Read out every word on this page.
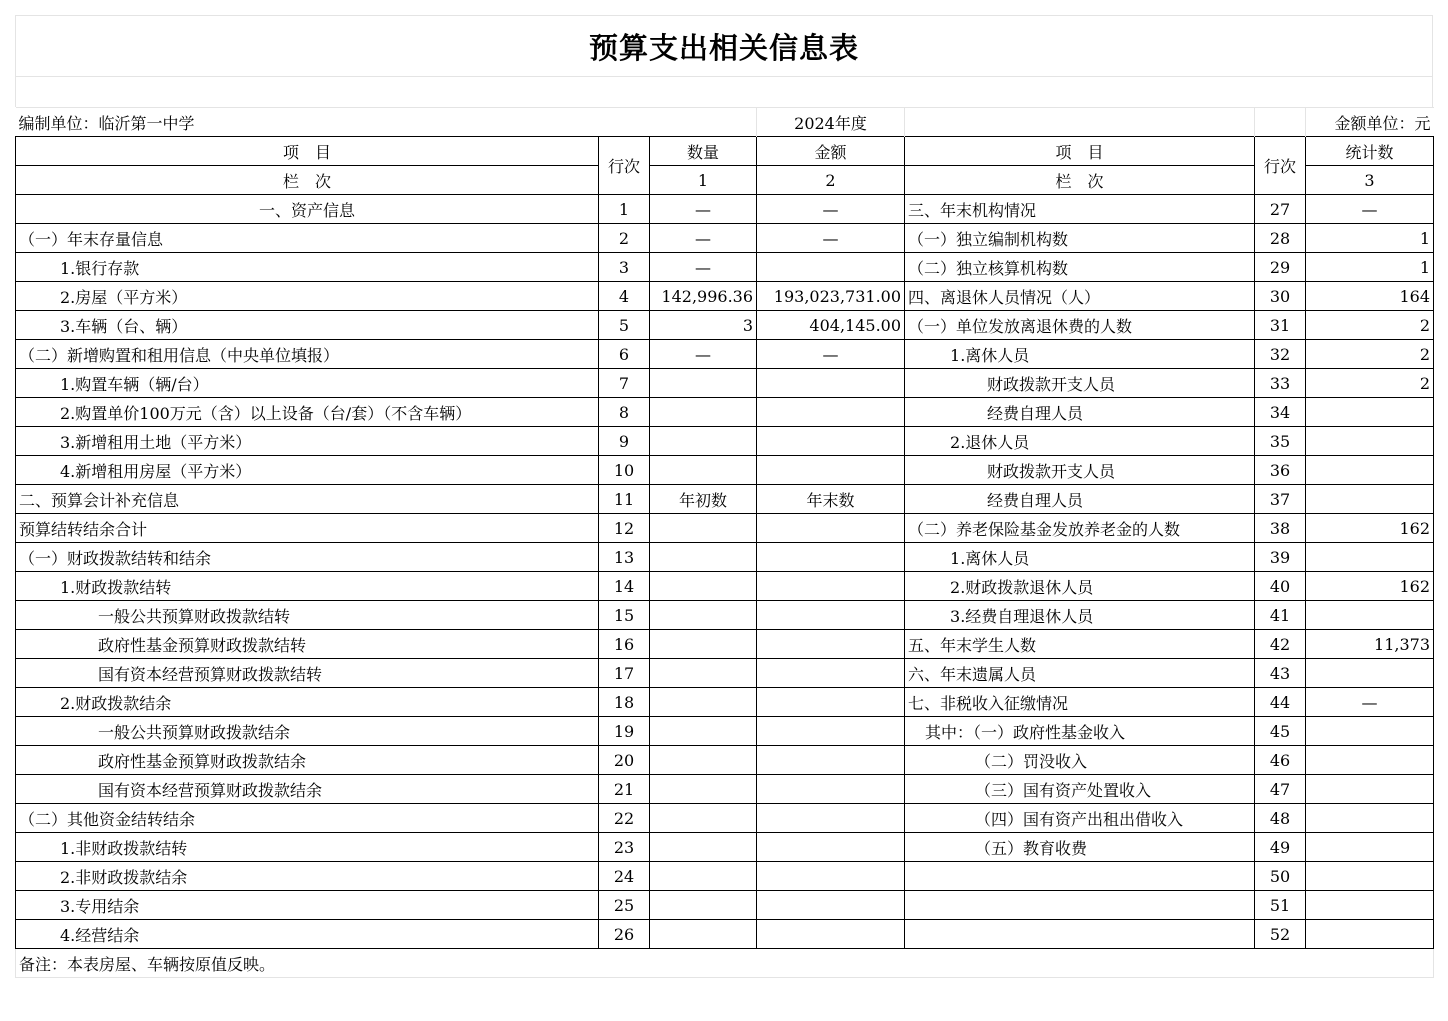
预算支出相关信息表
编制单位：临沂第一中学			2024年度			金额单位：元
项　目	行次	数量	金额	项　目	行次	统计数
栏　次		1	2	栏　次		3
一、资产信息	1	—	—	三、年末机构情况	27	—
（一）年末存量信息	2	—	—	（一）独立编制机构数	28	1
1.银行存款	3	—		（二）独立核算机构数	29	1
2.房屋（平方米）	4	142,996.36	193,023,731.00	四、离退休人员情况（人）	30	164
3.车辆（台、辆）	5	3	404,145.00	（一）单位发放离退休费的人数	31	2
（二）新增购置和租用信息（中央单位填报）	6	—	—	1.离休人员	32	2
1.购置车辆（辆/台）	7			财政拨款开支人员	33	2
2.购置单价100万元（含）以上设备（台/套）（不含车辆）	8			经费自理人员	34	
3.新增租用土地（平方米）	9			2.退休人员	35	
4.新增租用房屋（平方米）	10			财政拨款开支人员	36	
二、预算会计补充信息	11	年初数	年末数	经费自理人员	37	
预算结转结余合计	12			（二）养老保险基金发放养老金的人数	38	162
（一）财政拨款结转和结余	13			1.离休人员	39	
1.财政拨款结转	14			2.财政拨款退休人员	40	162
一般公共预算财政拨款结转	15			3.经费自理退休人员	41	
政府性基金预算财政拨款结转	16			五、年末学生人数	42	11,373
国有资本经营预算财政拨款结转	17			六、年末遗属人员	43	
2.财政拨款结余	18			七、非税收入征缴情况	44	—
一般公共预算财政拨款结余	19			其中：（一）政府性基金收入	45	
政府性基金预算财政拨款结余	20			（二）罚没收入	46	
国有资本经营预算财政拨款结余	21			（三）国有资产处置收入	47	
（二）其他资金结转结余	22			（四）国有资产出租出借收入	48	
1.非财政拨款结转	23			（五）教育收费	49	
2.非财政拨款结余	24				50	
3.专用结余	25				51	
4.经营结余	26				52	
备注：本表房屋、车辆按原值反映。						
